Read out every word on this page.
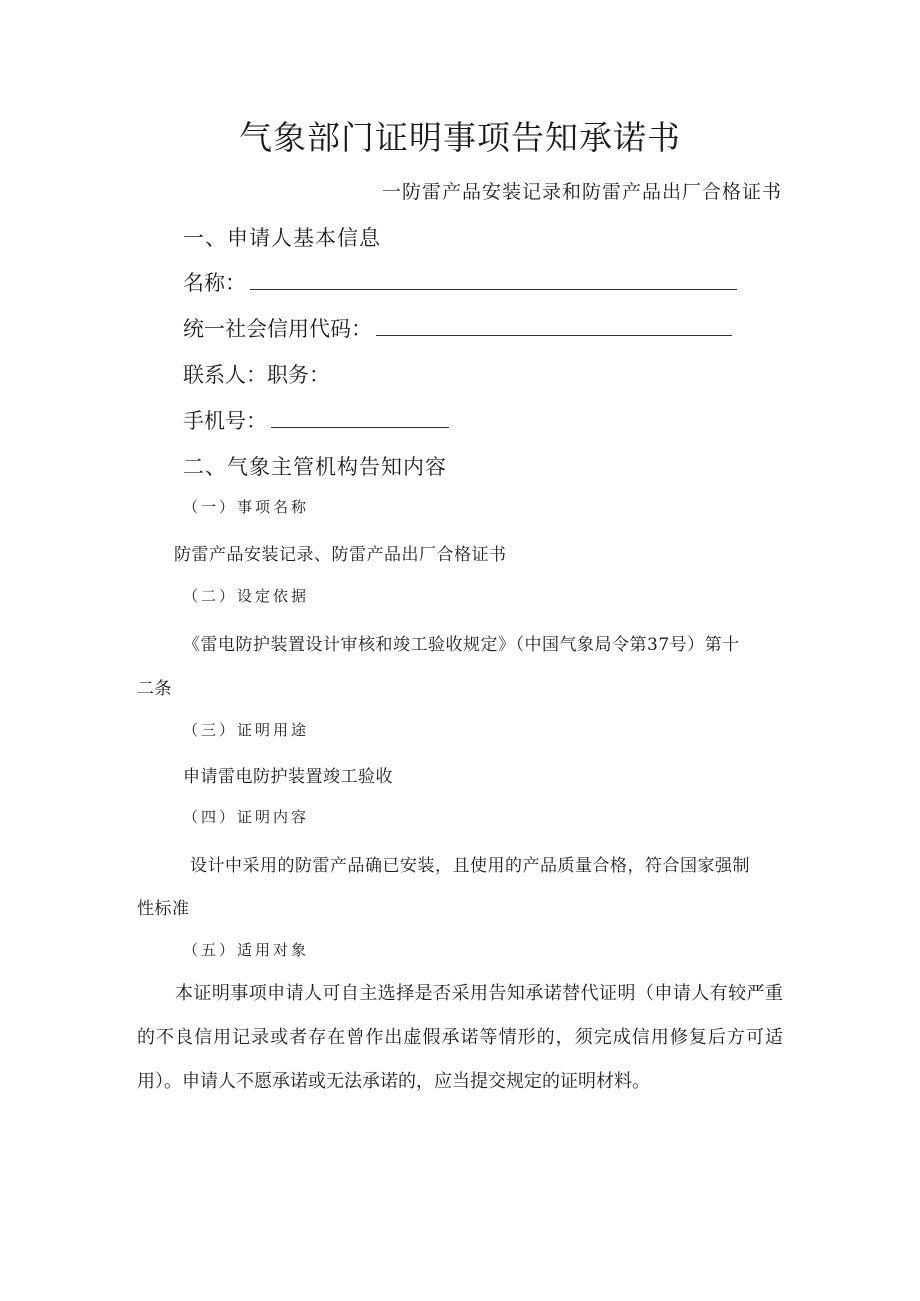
气象部门证明事项告知承诺书
一防雷产品安装记录和防雷产品出厂合格证书
一、申请人基本信息
名称：
统一社会信用代码：
联系人：职务：
手机号：
二、气象主管机构告知内容
（一）事项名称
防雷产品安装记录、防雷产品出厂合格证书
（二）设定依据
《雷电防护装置设计审核和竣工验收规定》（中国气象局令第37号）第十
二条
（三）证明用途
申请雷电防护装置竣工验收
（四）证明内容
设计中采用的防雷产品确已安装，且使用的产品质量合格，符合国家强制
性标准
（五）适用对象
本证明事项申请人可自主选择是否采用告知承诺替代证明（申请人有较严重的不良信用记录或者存在曾作出虚假承诺等情形的，须完成信用修复后方可适用）。申请人不愿承诺或无法承诺的，应当提交规定的证明材料。
